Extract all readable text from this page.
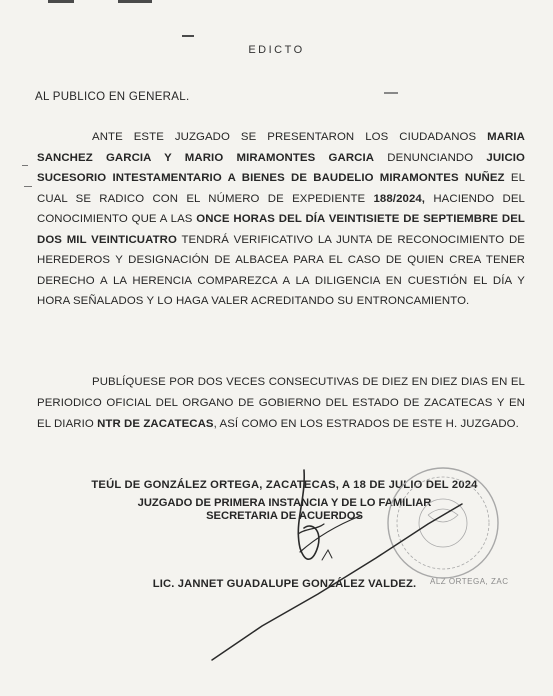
EDICTO
AL PUBLICO EN GENERAL.
ANTE ESTE JUZGADO SE PRESENTARON LOS CIUDADANOS MARIA SANCHEZ GARCIA Y MARIO MIRAMONTES GARCIA DENUNCIANDO JUICIO SUCESORIO INTESTAMENTARIO A BIENES DE BAUDELIO MIRAMONTES NUÑEZ EL CUAL SE RADICO CON EL NÚMERO DE EXPEDIENTE 188/2024, HACIENDO DEL CONOCIMIENTO QUE A LAS ONCE HORAS DEL DÍA VEINTISIETE DE SEPTIEMBRE DEL DOS MIL VEINTICUATRO TENDRÁ VERIFICATIVO LA JUNTA DE RECONOCIMIENTO DE HEREDEROS Y DESIGNACIÓN DE ALBACEA PARA EL CASO DE QUIEN CREA TENER DERECHO A LA HERENCIA COMPAREZCA A LA DILIGENCIA EN CUESTIÓN EL DÍA Y HORA SEÑALADOS Y LO HAGA VALER ACREDITANDO SU ENTRONCAMIENTO.
PUBLÍQUESE POR DOS VECES CONSECUTIVAS DE DIEZ EN DIEZ DIAS EN EL PERIODICO OFICIAL DEL ORGANO DE GOBIERNO DEL ESTADO DE ZACATECAS Y EN EL DIARIO NTR DE ZACATECAS, ASÍ COMO EN LOS ESTRADOS DE ESTE H. JUZGADO.
TEÚL DE GONZÁLEZ ORTEGA, ZACATECAS, A 18 DE JULIO DEL 2024
JUZGADO DE PRIMERA INSTANCIA Y DE LO FAMILIAR
SECRETARIA DE ACUERDOS
LIC. JANNET GUADALUPE GONZÁLEZ VALDEZ.	ALZ ORTEGA, ZAC
